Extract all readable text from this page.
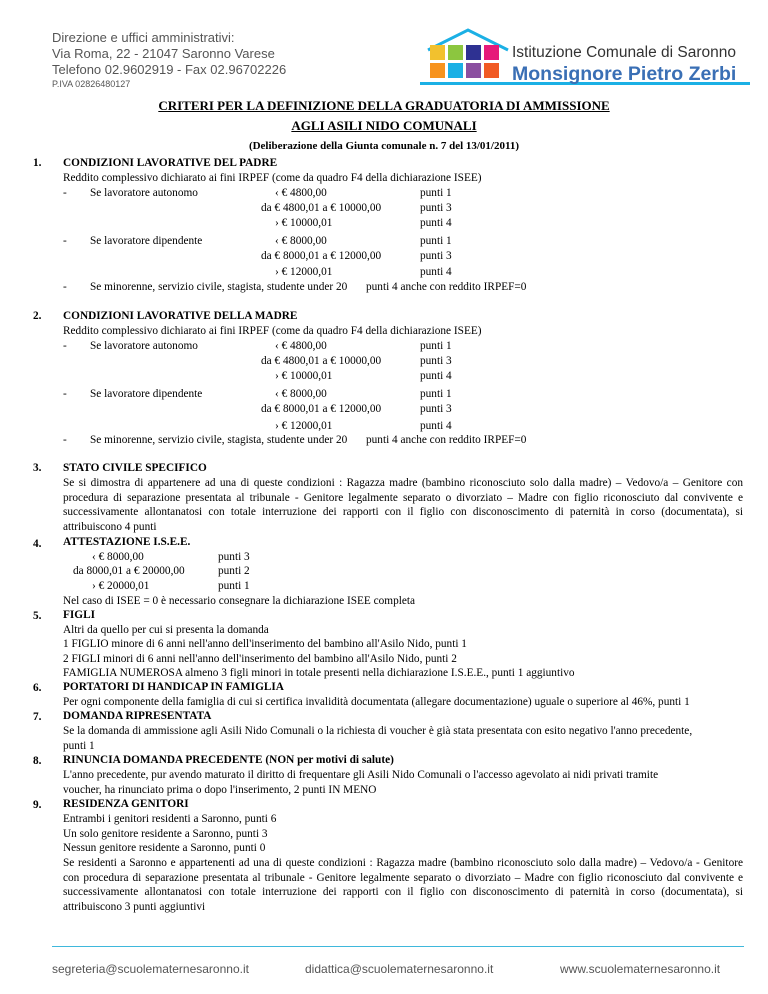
Direzione e uffici amministrativi:
Via Roma, 22 - 21047 Saronno Varese
Telefono 02.9602919 - Fax 02.96702226
P.IVA 02826480127
Istituzione Comunale di Saronno
Monsignore Pietro Zerbi
CRITERI PER LA DEFINIZIONE DELLA GRADUATORIA DI AMMISSIONE
AGLI ASILI NIDO COMUNALI
(Deliberazione della Giunta comunale n. 7 del 13/01/2011)
1. CONDIZIONI LAVORATIVE DEL PADRE
Reddito complessivo dichiarato ai fini IRPEF (come da quadro F4 della dichiarazione ISEE)
- Se lavoratore autonomo	‹ € 4800,00	punti 1
da € 4800,01 a € 10000,00	punti 3
› € 10000,01	punti 4
- Se lavoratore dipendente	‹ € 8000,00	punti 1
da € 8000,01 a € 12000,00	punti 3
› € 12000,01	punti 4
- Se minorenne, servizio civile, stagista, studente under 20 punti 4 anche con reddito IRPEF=0
2. CONDIZIONI LAVORATIVE DELLA MADRE
Reddito complessivo dichiarato ai fini IRPEF (come da quadro F4 della dichiarazione ISEE)
- Se lavoratore autonomo	‹ € 4800,00	punti 1
da € 4800,01 a € 10000,00	punti 3
› € 10000,01	punti 4
- Se lavoratore dipendente	‹ € 8000,00	punti 1
da € 8000,01 a € 12000,00	punti 3
› € 12000,01	punti 4
- Se minorenne, servizio civile, stagista, studente under 20 punti 4 anche con reddito IRPEF=0
3. STATO CIVILE SPECIFICO
Se si dimostra di appartenere ad una di queste condizioni : Ragazza madre (bambino riconosciuto solo dalla madre) – Vedovo/a – Genitore con procedura di separazione presentata al tribunale - Genitore legalmente separato o divorziato – Madre con figlio riconosciuto dal convivente e successivamente allontanatosi con totale interruzione dei rapporti con il figlio con disconoscimento di paternità in corso (documentata), si attribuiscono 4 punti
4. ATTESTAZIONE I.S.E.E.
‹ € 8000,00	punti 3
da 8000,01 a € 20000,00	punti 2
› € 20000,01	punti 1
Nel caso di ISEE = 0 è necessario consegnare la dichiarazione ISEE completa
5. FIGLI
Altri da quello per cui si presenta la domanda
1 FIGLIO minore di 6 anni nell'anno dell'inserimento del bambino all'Asilo Nido, punti 1
2 FIGLI minori di 6 anni nell'anno dell'inserimento del bambino all'Asilo Nido, punti 2
FAMIGLIA NUMEROSA almeno 3 figli minori in totale presenti nella dichiarazione I.S.E.E., punti 1 aggiuntivo
6. PORTATORI DI HANDICAP IN FAMIGLIA
Per ogni componente della famiglia di cui si certifica invalidità documentata (allegare documentazione) uguale o superiore al 46%, punti 1
7. DOMANDA RIPRESENTATA
Se la domanda di ammissione agli Asili Nido Comunali o la richiesta di voucher è già stata presentata con esito negativo l'anno precedente,
punti 1
8. RINUNCIA DOMANDA PRECEDENTE (NON per motivi di salute)
L'anno precedente, pur avendo maturato il diritto di frequentare gli Asili Nido Comunali o l'accesso agevolato ai nidi privati tramite
voucher, ha rinunciato prima o dopo l'inserimento, 2 punti IN MENO
9. RESIDENZA GENITORI
Entrambi i genitori residenti a Saronno, punti 6
Un solo genitore residente a Saronno, punti 3
Nessun genitore residente a Saronno, punti 0
Se residenti a Saronno e appartenenti ad una di queste condizioni : Ragazza madre (bambino riconosciuto solo dalla madre) – Vedovo/a - Genitore con procedura di separazione presentata al tribunale - Genitore legalmente separato o divorziato – Madre con figlio riconosciuto dal convivente e successivamente allontanatosi con totale interruzione dei rapporti con il figlio con disconoscimento di paternità in corso (documentata), si attribuiscono 3 punti aggiuntivi
segreteria@scuolematernesaronno.it	didattica@scuolematernesaronno.it	www.scuolematernesaronno.it
